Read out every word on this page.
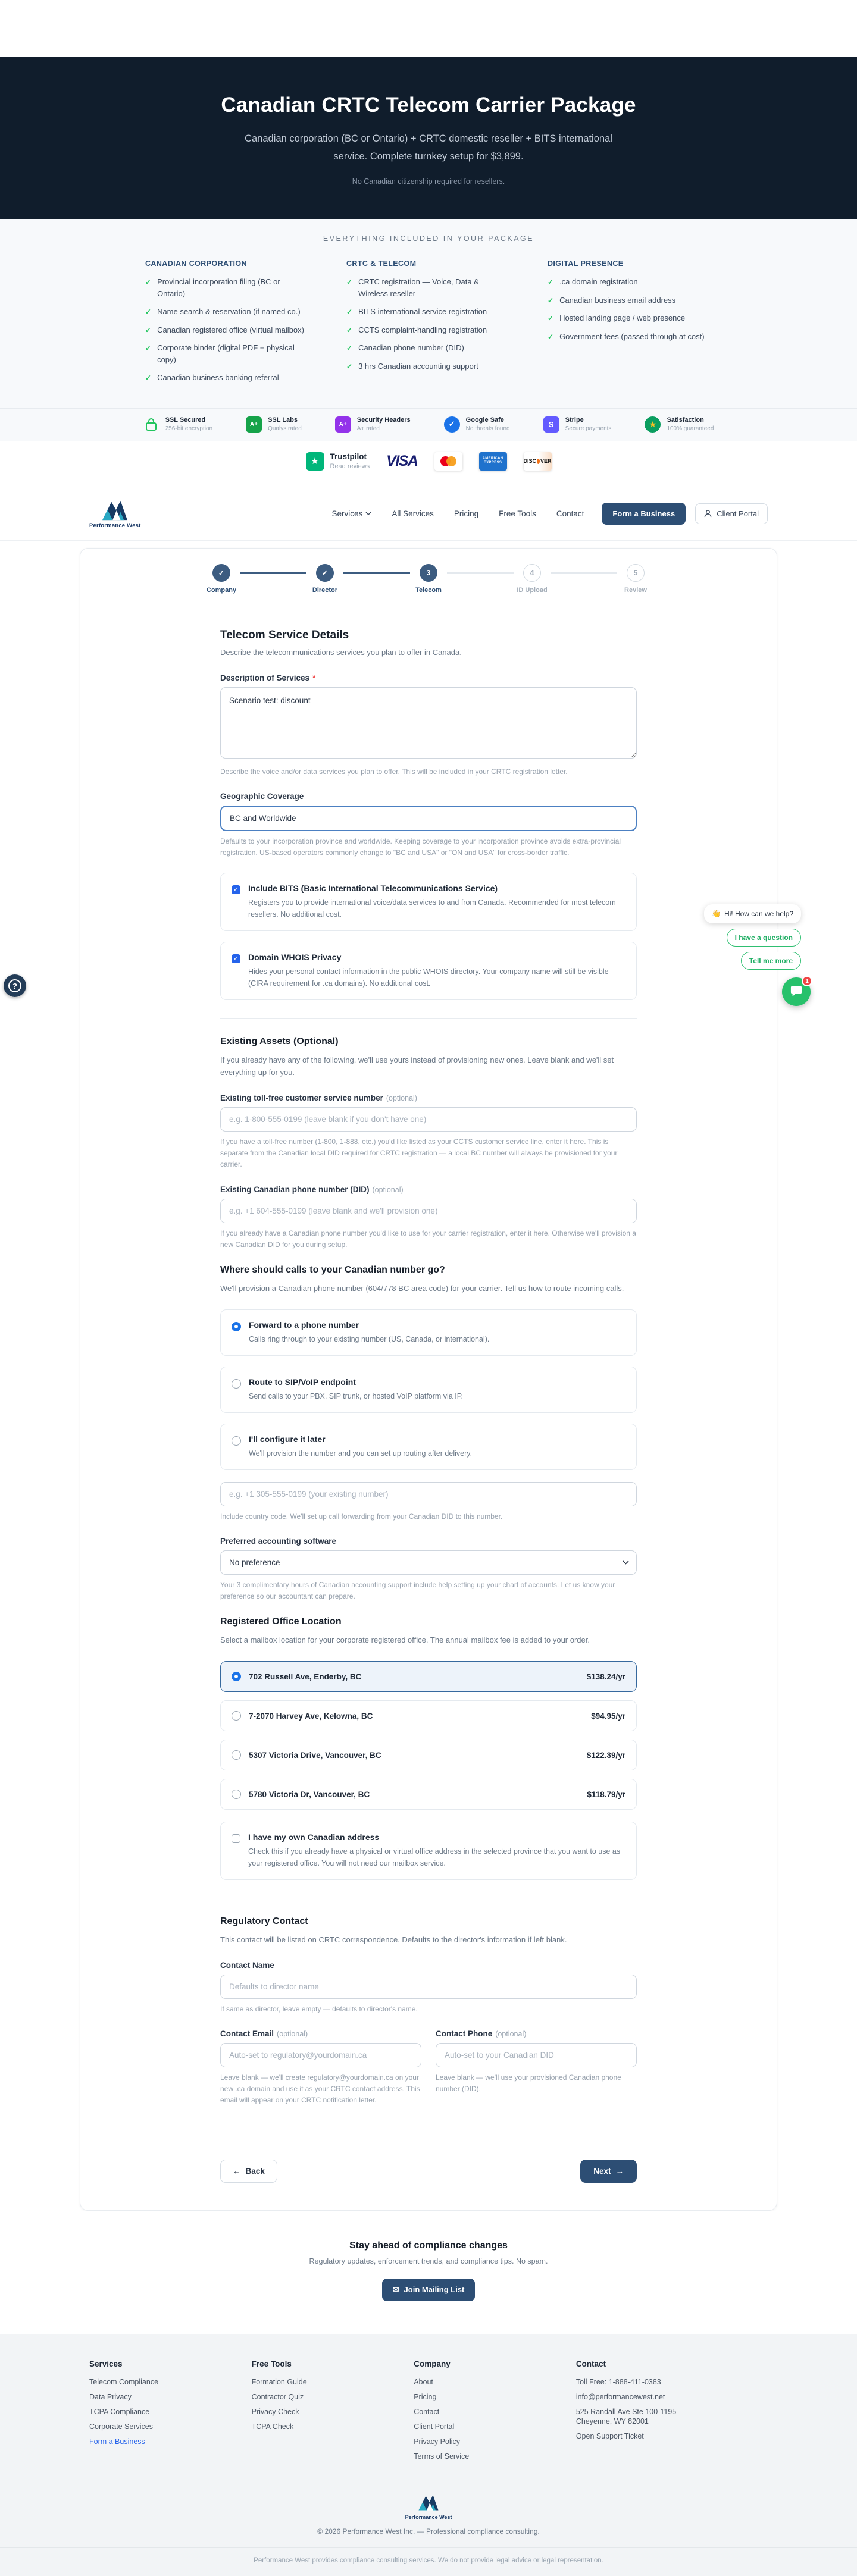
Canadian CRTC Telecom Carrier Package
Canadian corporation (BC or Ontario) + CRTC domestic reseller + BITS international service. Complete turnkey setup for $3,899.
No Canadian citizenship required for resellers.
EVERYTHING INCLUDED IN YOUR PACKAGE
CANADIAN CORPORATION
✓ Provincial incorporation filing (BC or Ontario)
✓ Name search & reservation (if named co.)
✓ Canadian registered office (virtual mailbox)
✓ Corporate binder (digital PDF + physical copy)
✓ Canadian business banking referral
CRTC & TELECOM
✓ CRTC registration — Voice, Data & Wireless reseller
✓ BITS international service registration
✓ CCTS complaint-handling registration
✓ Canadian phone number (DID)
✓ 3 hrs Canadian accounting support
DIGITAL PRESENCE
✓ .ca domain registration
✓ Canadian business email address
✓ Hosted landing page / web presence
✓ Government fees (passed through at cost)
SSL Secured
256-bit encryption
A+
SSL Labs
Qualys rated
A+
Security Headers
A+ rated
✓	Google Safe
No threats found	S	Stripe
Secure payments	★	Satisfaction
100% guaranteed
★	Trustpilot
Read reviews VISA	AMERICAN
EXPRESS	DISC VER
Performance West
Services	All Services	Pricing	Free Tools	Contact	Form a Business	Client Portal
✓
Company
✓
Director
3
Telecom
4
ID Upload
5
Review
Telecom Service Details
Describe the telecommunications services you plan to offer in Canada.
Description of Services *
Scenario test: discount
Describe the voice and/or data services you plan to offer. This will be included in your CRTC registration letter.
Geographic Coverage
BC and Worldwide
Defaults to your incorporation province and worldwide. Keeping coverage to your incorporation province avoids extra-provincial registration. US-based operators commonly change to "BC and USA" or "ON and USA" for cross-border traffic.
✓ Include BITS (Basic International Telecommunications Service)
Registers you to provide international voice/data services to and from Canada. Recommended for most telecom resellers. No additional cost.
✓ Domain WHOIS Privacy
Hides your personal contact information in the public WHOIS directory. Your company name will still be visible (CIRA requirement for .ca domains). No additional cost.
Existing Assets (Optional)
If you already have any of the following, we'll use yours instead of provisioning new ones. Leave blank and we'll set everything up for you.
Existing toll-free customer service number (optional)
e.g. 1-800-555-0199 (leave blank if you don't have one)
If you have a toll-free number (1-800, 1-888, etc.) you'd like listed as your CCTS customer service line, enter it here. This is separate from the Canadian local DID required for CRTC registration — a local BC number will always be provisioned for your carrier.
Existing Canadian phone number (DID) (optional)
e.g. +1 604-555-0199 (leave blank and we'll provision one)
If you already have a Canadian phone number you'd like to use for your carrier registration, enter it here. Otherwise we'll provision a new Canadian DID for you during setup.
Where should calls to your Canadian number go?
We'll provision a Canadian phone number (604/778 BC area code) for your carrier. Tell us how to route incoming calls.
Forward to a phone number
Calls ring through to your existing number (US, Canada, or international).
Route to SIP/VoIP endpoint
Send calls to your PBX, SIP trunk, or hosted VoIP platform via IP.
I'll configure it later
We'll provision the number and you can set up routing after delivery.
e.g. +1 305-555-0199 (your existing number)
Include country code. We'll set up call forwarding from your Canadian DID to this number.
Preferred accounting software
No preference
Your 3 complimentary hours of Canadian accounting support include help setting up your chart of accounts. Let us know your preference so our accountant can prepare.
Registered Office Location
Select a mailbox location for your corporate registered office. The annual mailbox fee is added to your order.
702 Russell Ave, Enderby, BC	$138.24/yr
7-2070 Harvey Ave, Kelowna, BC	$94.95/yr
5307 Victoria Drive, Vancouver, BC	$122.39/yr
5780 Victoria Dr, Vancouver, BC	$118.79/yr
I have my own Canadian address
Check this if you already have a physical or virtual office address in the selected province that you want to use as your registered office. You will not need our mailbox service.
Regulatory Contact
This contact will be listed on CRTC correspondence. Defaults to the director's information if left blank.
Contact Name
Defaults to director name
If same as director, leave empty — defaults to director's name.
Contact Email (optional)
Auto-set to regulatory@yourdomain.ca
Leave blank — we'll create regulatory@yourdomain.ca on your new .ca domain and use it as your CRTC contact address. This email will appear on your CRTC notification letter.
Contact Phone (optional)
Auto-set to your Canadian DID
Leave blank — we'll use your provisioned Canadian phone number (DID).
← Back	Next →
Stay ahead of compliance changes
Regulatory updates, enforcement trends, and compliance tips. No spam.
✉ Join Mailing List
Services
Telecom Compliance
Data Privacy
TCPA Compliance
Corporate Services
Form a Business
Free Tools
Formation Guide
Contractor Quiz
Privacy Check
TCPA Check
Company
About
Pricing
Contact
Client Portal
Privacy Policy
Terms of Service
Contact
Toll Free: 1-888-411-0383
info@performancewest.net
525 Randall Ave Ste 100-1195
Cheyenne, WY 82001
Open Support Ticket
Performance West
© 2026 Performance West Inc. — Professional compliance consulting.
Performance West provides compliance consulting services. We do not provide legal advice or legal representation.
👋 Hi! How can we help?
I have a question
Tell me more
1
?
